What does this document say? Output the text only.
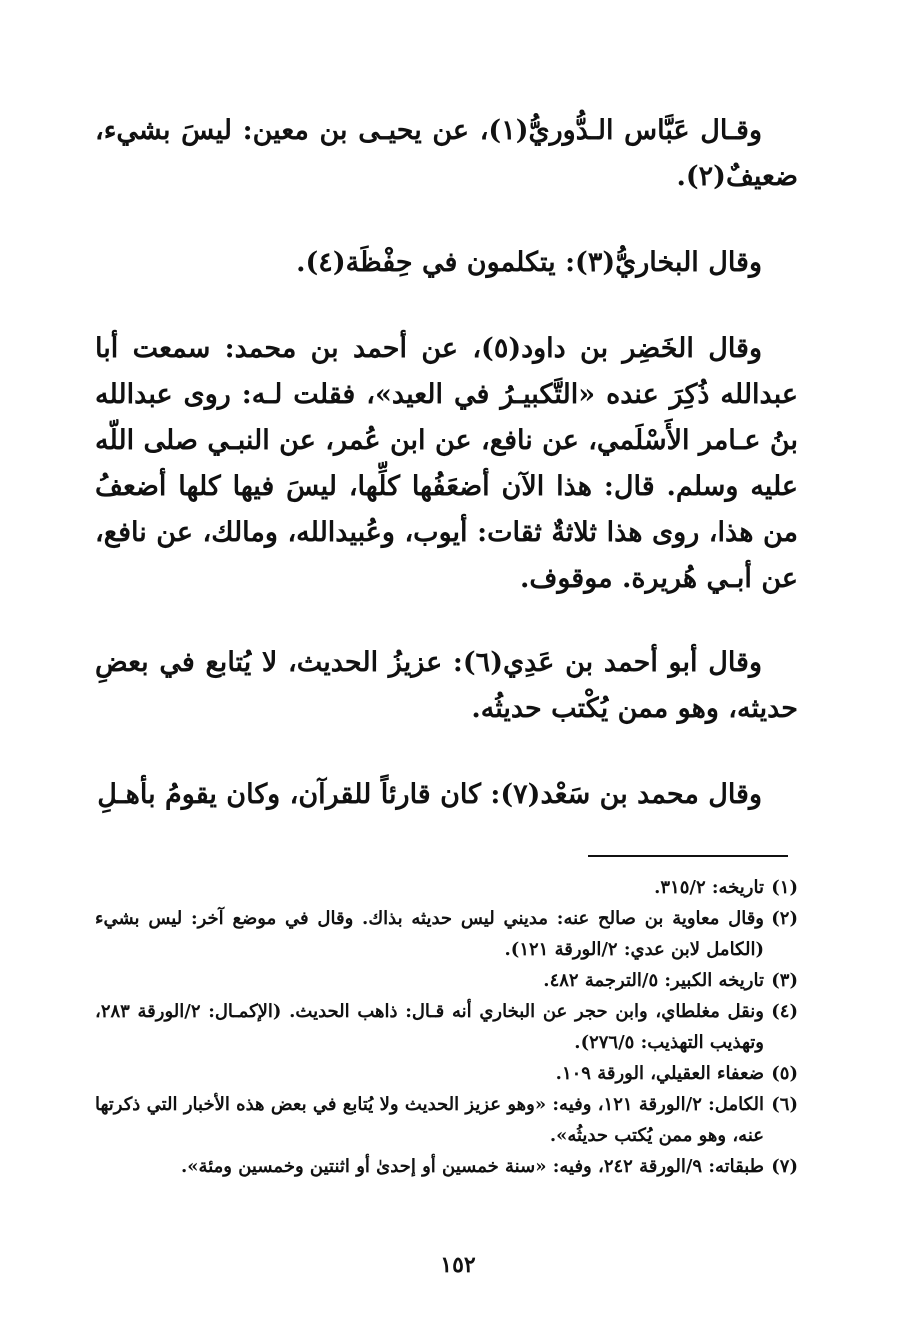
وقـال عَبَّاس الـدُّوريُّ(١)، عن يحيـى بن معين: ليسَ بشيء، ضعيفٌ(٢).

وقال البخاريُّ(٣): يتكلمون في حِفْظَة(٤).

وقال الخَضِر بن داود(٥)، عن أحمد بن محمد: سمعت أبا عبدالله ذُكِرَ عنده «التَّكبيـرُ في العيد»، فقلت لـه: روى عبدالله بنُ عـامر الأَسْلَمي، عن نافع، عن ابن عُمر، عن النبـي صلى اللّه عليه وسلم. قال: هذا الآن أضعَفُها كلِّها، ليسَ فيها كلها أضعفُ من هذا، روى هذا ثلاثةٌ ثقات: أيوب، وعُبيدالله، ومالك، عن نافع، عن أبـي هُريرة. موقوف.

وقال أبو أحمد بن عَدِي(٦): عزيزُ الحديث، لا يُتابع في بعضِ حديثه، وهو ممن يُكْتب حديثُه.

وقال محمد بن سَعْد(٧): كان قارئاً للقرآن، وكان يقومُ بأهـلِ

(١)
تاريخه: ٣١٥/٢.
(٢)
وقال معاوية بن صالح عنه: مديني ليس حديثه بذاك. وقال في موضع آخر: ليس بشيء (الكامل لابن عدي: ٢/الورقة ١٢١).
(٣)
تاريخه الكبير: ٥/الترجمة ٤٨٢.
(٤)
ونقل مغلطاي، وابن حجر عن البخاري أنه قـال: ذاهب الحديث. (الإكمـال: ٢/الورقة ٢٨٣، وتهذيب التهذيب: ٢٧٦/٥).
(٥)
ضعفاء العقيلي، الورقة ١٠٩.
(٦)
الكامل: ٢/الورقة ١٢١، وفيه: «وهو عزيز الحديث ولا يُتابع في بعض هذه الأخبار التي ذكرتها عنه، وهو ممن يُكتب حديثُه».
(٧)
طبقاته: ٩/الورقة ٢٤٢، وفيه: «سنة خمسين أو إحدىٰ أو اثنتين وخمسين ومئة».
١٥٢
